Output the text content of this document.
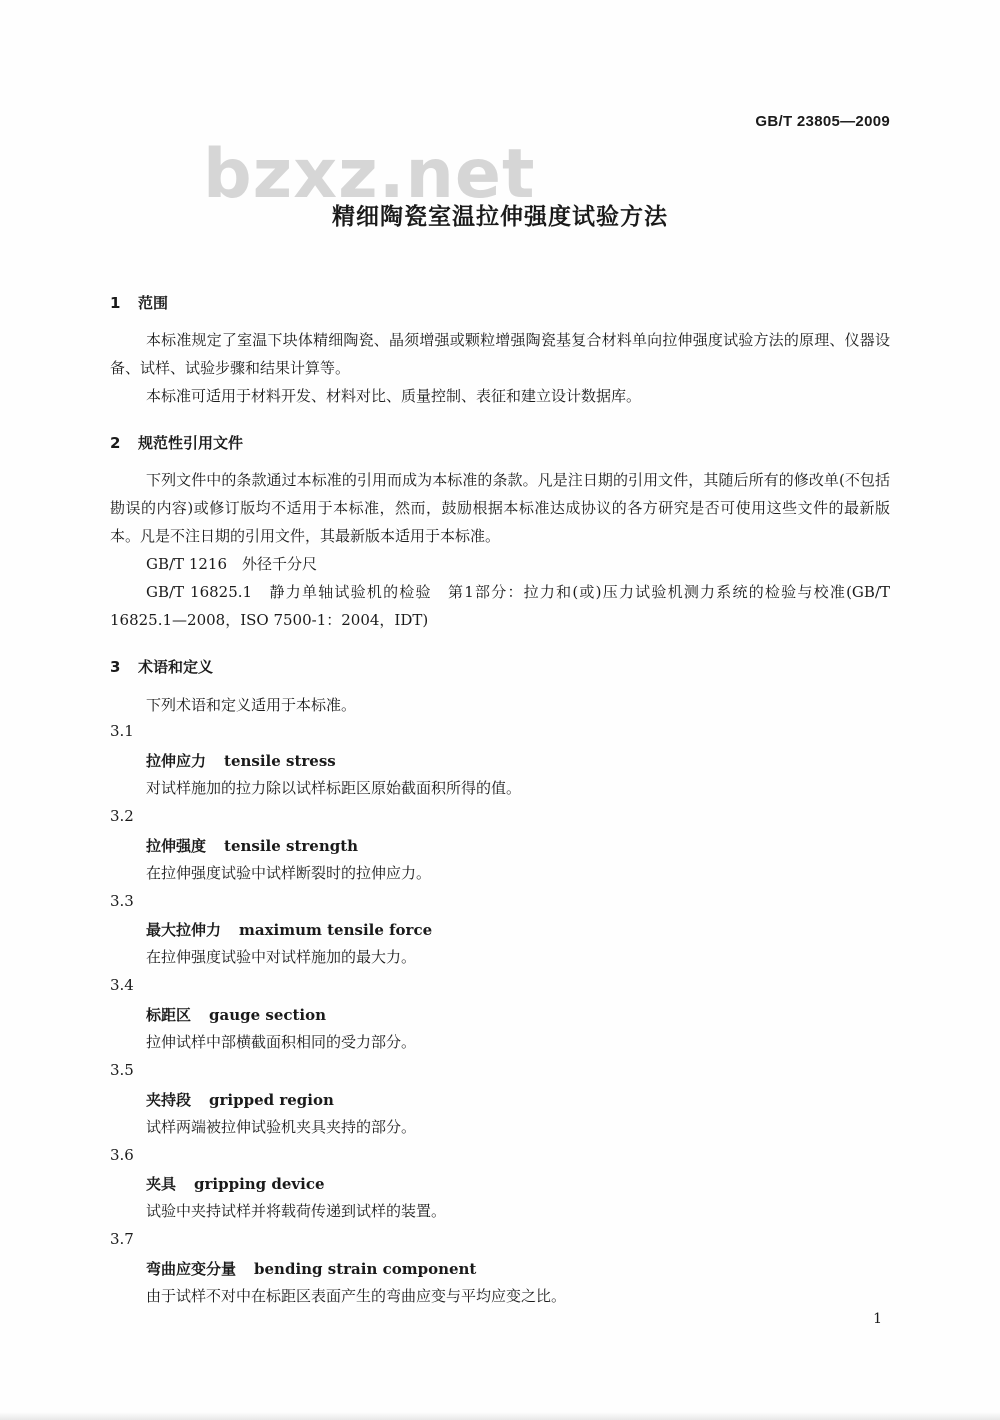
GB/T 23805—2009
bzxz.net
精细陶瓷室温拉伸强度试验方法
1 范围

本标准规定了室温下块体精细陶瓷、晶须增强或颗粒增强陶瓷基复合材料单向拉伸强度试验方法的原理、仪器设备、试样、试验步骤和结果计算等。

本标准可适用于材料开发、材料对比、质量控制、表征和建立设计数据库。

2 规范性引用文件

下列文件中的条款通过本标准的引用而成为本标准的条款。凡是注日期的引用文件，其随后所有的修改单(不包括勘误的内容)或修订版均不适用于本标准，然而，鼓励根据本标准达成协议的各方研究是否可使用这些文件的最新版本。凡是不注日期的引用文件，其最新版本适用于本标准。

GB/T 1216　外径千分尺

GB/T 16825.1　静力单轴试验机的检验　第1部分：拉力和(或)压力试验机测力系统的检验与校准(GB/T 16825.1—2008，ISO 7500-1：2004，IDT)

3 术语和定义
下列术语和定义适用于本标准。
3.1
拉伸应力 tensile stress
对试样施加的拉力除以试样标距区原始截面积所得的值。
3.2
拉伸强度 tensile strength
在拉伸强度试验中试样断裂时的拉伸应力。
3.3
最大拉伸力 maximum tensile force
在拉伸强度试验中对试样施加的最大力。
3.4
标距区 gauge section
拉伸试样中部横截面积相同的受力部分。
3.5
夹持段 gripped region
试样两端被拉伸试验机夹具夹持的部分。
3.6
夹具 gripping device
试验中夹持试样并将载荷传递到试样的装置。
3.7
弯曲应变分量 bending strain component
由于试样不对中在标距区表面产生的弯曲应变与平均应变之比。
1
